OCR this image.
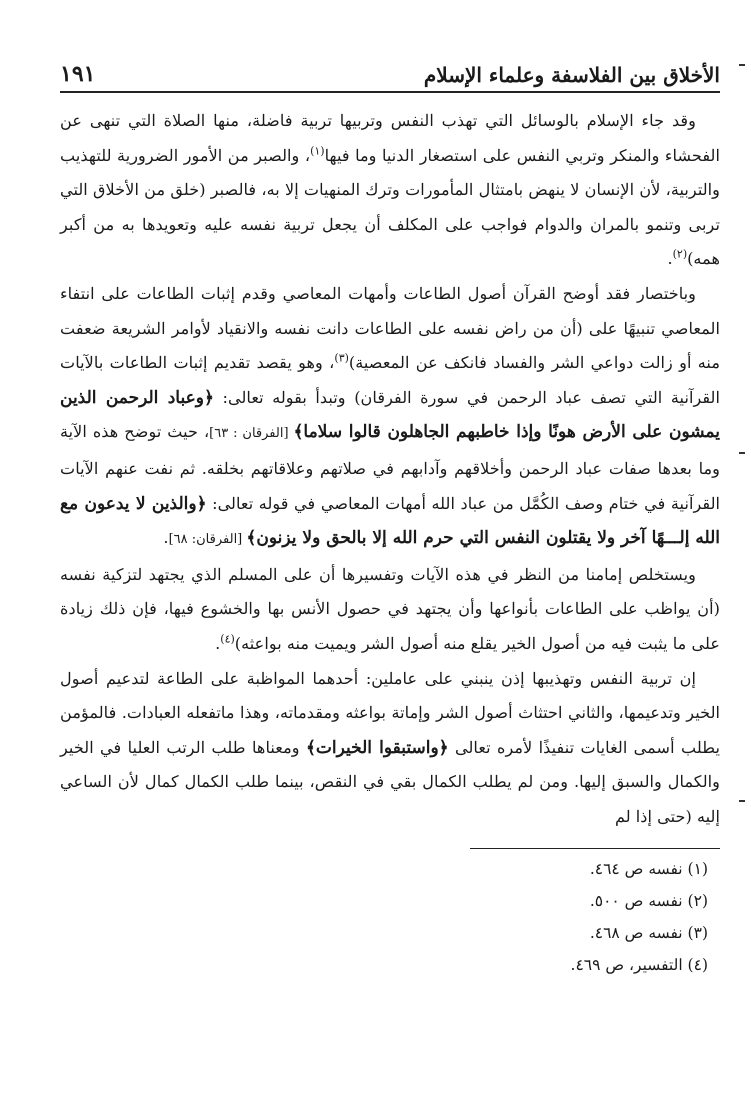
الأخلاق بين الفلاسفة وعلماء الإسلام
١٩١

وقد جاء الإسلام بالوسائل التي تهذب النفس وتربيها تربية فاضلة، منها الصلاة التي تنهى عن الفحشاء والمنكر وتربي النفس على استصغار الدنيا وما فيها$^{(١)}$، والصبر من الأمور الضرورية للتهذيب والتربية، لأن الإنسان لا ينهض بامتثال المأمورات وترك المنهيات إلا به، فالصبر (خلق من الأخلاق التي تربى وتنمو بالمران والدوام فواجب على المكلف أن يجعل تربية نفسه عليه وتعويدها به من أكبر همه)$^{(٢)}$.

وباختصار فقد أوضح القرآن أصول الطاعات وأمهات المعاصي وقدم إثبات الطاعات على انتفاء المعاصي تنبيهًا على (أن من راض نفسه على الطاعات دانت نفسه والانقياد لأوامر الشريعة ضعفت منه أو زالت دواعي الشر والفساد فانكف عن المعصية)$^{(٣)}$، وهو يقصد تقديم إثبات الطاعات بالآيات القرآنية التي تصف عباد الرحمن في سورة الفرقان) وتبدأ بقوله تعالى: ﴿وعباد الرحمن الذين يمشون على الأرض هونًا وإذا خاطبهم الجاهلون قالوا سلاما﴾ [الفرقان : ٦٣]، حيث توضح هذه الآية وما بعدها صفات عباد الرحمن وأخلاقهم وآدابهم في صلاتهم وعلاقاتهم بخلقه. ثم نفت عنهم الآيات القرآنية في ختام وصف الكُمَّل من عباد الله أمهات المعاصي في قوله تعالى: ﴿والذين لا يدعون مع الله إلـــهًا آخر ولا يقتلون النفس التي حرم الله إلا بالحق ولا يزنون﴾ [الفرقان: ٦٨].

ويستخلص إمامنا من النظر في هذه الآيات وتفسيرها أن على المسلم الذي يجتهد لتزكية نفسه (أن يواظب على الطاعات بأنواعها وأن يجتهد في حصول الأنس بها والخشوع فيها، فإن ذلك زيادة على ما يثبت فيه من أصول الخير يقلع منه أصول الشر ويميت منه بواعثه)$^{(٤)}$.

إن تربية النفس وتهذيبها إذن ينبني على عاملين: أحدهما المواظبة على الطاعة لتدعيم أصول الخير وتدعيمها، والثاني احتثاث أصول الشر وإماتة بواعثه ومقدماته، وهذا ماتفعله العبادات. فالمؤمن يطلب أسمى الغايات تنفيذًا لأمره تعالى ﴿واستبقوا الخيرات﴾ ومعناها طلب الرتب العليا في الخير والكمال والسبق إليها. ومن لم يطلب الكمال بقي في النقص، بينما طلب الكمال كمال لأن الساعي إليه (حتى إذا لم

(١) نفسه ص ٤٦٤.

(٢) نفسه ص ٥٠٠.

(٣) نفسه ص ٤٦٨.

(٤) التفسير، ص ٤٦٩.
